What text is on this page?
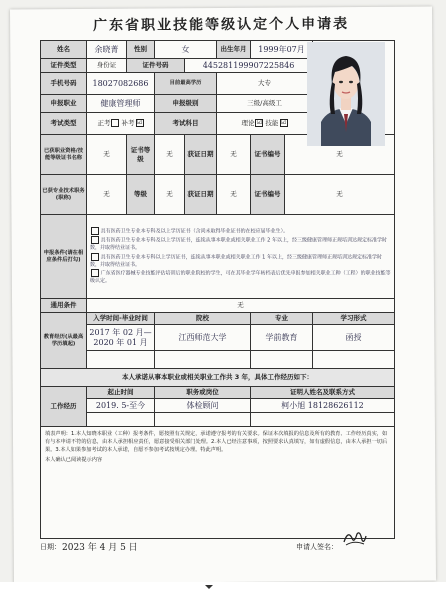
广东省职业技能等级认定个人申请表
姓名	余晓菁	性别	女		出生年月	1999年07月		
证件类型	身份证	证件号码		445281199907225846				
手机号码	18027082686		目前最高学历		大专			
申报职业	健康管理师		申报级别		三级/高级工			
考试类型	正考 补考 ☑		考试科目		理论 ☑ 技能 ☑			
已获职业资格/技能等级证书名称	无	证书等级	无	获证日期	无	证书编号	无	
已获专业技术职务(职称)	无	等级	无	获证日期	无	证书编号	无	
申报条件(请在相应条件后打勾)	具有医药卫生专业本专科及以上学历证书（含尚未取得毕业证书的在校应届毕业生）。
具有医药卫生专业本专科及以上学历证书，连续从事本职业或相关职业工作 2 年以上，经三级健康管理师正规培训达规定标准学时数，并取得结业证书。
具有医药卫生专业本专科以上学历证书，连续从事本职业或相关职业工作 1 年以上，经三级健康管理师正规培训达规定标准学时数，并取得结业证书。
广东省医疗器械专业技能评估培训后的职业院校的学生，可在其毕业学年转档表后优先申报参加相关职业工种（工程）的职业技能等级认定。							

通用条件	无							
教育经历(从最高学历填起)	入学时间-毕业时间		院校			专业		学习形式
	2017 年 02 月—2020 年 01 月		江西师范大学			学前教育		函授

本人承诺从事本职业或相关职业工作共 3 年，具体工作经历如下：								
工作经历	起止时间		职务或岗位			证明人姓名及联系方式		
	2019. 5-至今		体检顾问			柯小旭 18128626112		

填表声明：1.本人知晓本职业（工种）报考条件，愿按照有关规定，承诺遵守报考的有关要求。保证本次填报的信息及所有的教育、工作经历真实，如有与本申请不符的信息，由本人承担相应责任，愿意接受相关部门处理。2.本人已经注意事项，按照要求认真填写，如有虚假信息，由本人承担一切后果。3.本人如果参加考试的本人承诺，自愿不参加考试按规定办理。特此声明。
本人确认已阅读提示内容								
日期： 2023 年 4 月 5 日	申请人签名：
